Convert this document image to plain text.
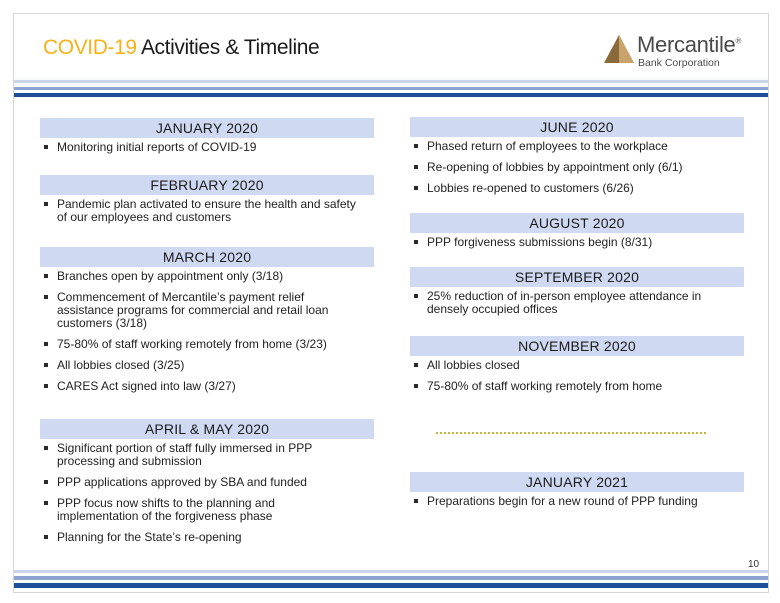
COVID-19 Activities & Timeline	Mercantile®
Bank Corporation
JANUARY 2020
Monitoring initial reports of COVID-19
FEBRUARY 2020
Pandemic plan activated to ensure the health and safety of our employees and customers
MARCH 2020
Branches open by appointment only (3/18)
Commencement of Mercantile’s payment relief assistance programs for commercial and retail loan customers (3/18)
75-80% of staff working remotely from home (3/23)
All lobbies closed (3/25)
CARES Act signed into law (3/27)
APRIL & MAY 2020
Significant portion of staff fully immersed in PPP processing and submission
PPP applications approved by SBA and funded
PPP focus now shifts to the planning and implementation of the forgiveness phase
Planning for the State’s re-opening
JUNE 2020
Phased return of employees to the workplace
Re-opening of lobbies by appointment only (6/1)
Lobbies re-opened to customers (6/26)
AUGUST 2020
PPP forgiveness submissions begin (8/31)
SEPTEMBER 2020
25% reduction of in-person employee attendance in densely occupied offices
NOVEMBER 2020
All lobbies closed
75-80% of staff working remotely from home
JANUARY 2021
Preparations begin for a new round of PPP funding
10
